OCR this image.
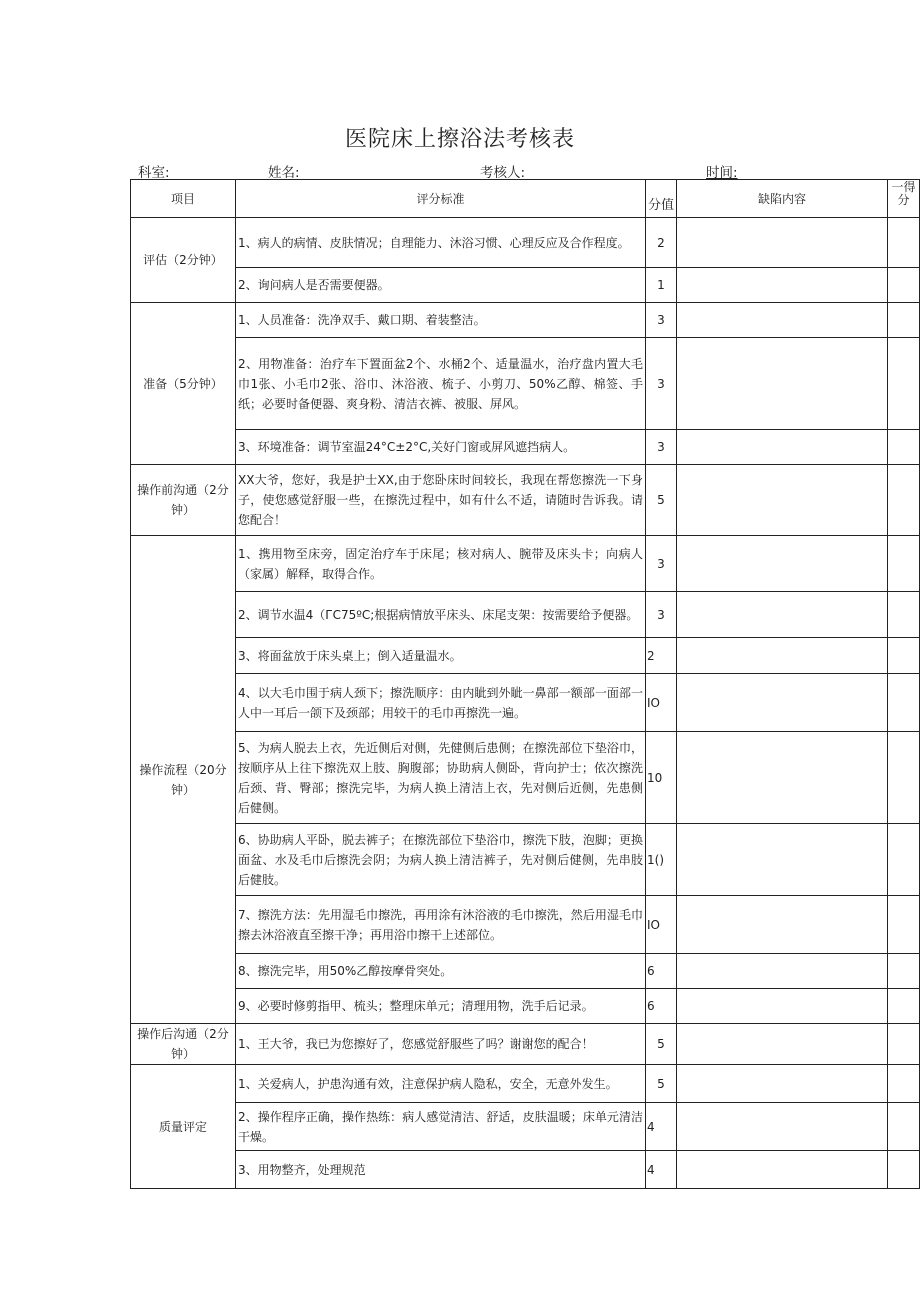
医院床上擦浴法考核表
科室:	姓名:	考核人:	时间:
项目	评分标准	分值	缺陷内容	一得分
评估（2分钟）	1、病人的病情、皮肤情况；自理能力、沐浴习惯、心理反应及合作程度。	2		
	2、询问病人是否需要便器。	1		
准备（5分钟）	1、人员准备：洗净双手、戴口期、着装整洁。	3		
	2、用物准备：治疗车下置面盆2个、水桶2个、适量温水，治疗盘内置大毛巾1张、小毛巾2张、浴巾、沐浴液、梳子、小剪刀、50%乙醇、棉签、手纸；必要时备便器、爽身粉、清洁衣裤、被服、屏风。	3		
	3、环境准备：调节室温24°C±2°C,关好门窗或屏风遮挡病人。	3		
操作前沟通（2分钟）	XX大爷，您好，我是护士XX,由于您卧床时间较长，我现在帮您擦洗一下身子，使您感觉舒服一些，在擦洗过程中，如有什么不适，请随时告诉我。请您配合！	5		
操作流程（20分钟）	1、携用物至床旁，固定治疗车于床尾；核对病人、腕带及床头卡；向病人（家属）解释，取得合作。	3		
	2、调节水温4（ГC75ºC;根据病情放平床头、床尾支架：按需要给予便器。	3		
	3、将面盆放于床头桌上；倒入适量温水。	2		
	4、以大毛巾围于病人颈下；擦洗顺序：由内眦到外眦一鼻部一额部一面部一人中一耳后一颌下及颈部；用较干的毛巾再擦洗一遍。	IO		
	5、为病人脱去上衣，先近侧后对侧，先健侧后患侧；在擦洗部位下垫浴巾，按顺序从上往下擦洗双上肢、胸腹部；协助病人侧卧，背向护士；依次擦洗后颈、背、臀部；擦洗完毕，为病人换上清洁上衣，先对侧后近侧，先患侧后健侧。	10		
	6、协助病人平卧，脱去裤子；在擦洗部位下垫浴巾，擦洗下肢，泡脚；更换面盆、水及毛巾后擦洗会阴；为病人换上清洁裤子，先对侧后健侧，先串肢后健肢。	1()		
	7、擦洗方法：先用湿毛巾擦洗，再用涂有沐浴液的毛巾擦洗，然后用湿毛巾擦去沐浴液直至擦干净；再用浴巾擦干上述部位。	IO		
	8、擦洗完毕，用50%乙醇按摩骨突处。	6		
	9、必要时修剪指甲、梳头；整理床单元；清理用物，洗手后记录。	6		
操作后沟通（2分钟）	1、王大爷，我已为您擦好了，您感觉舒服些了吗？谢谢您的配合！	5		
质量评定	1、关爱病人，护患沟通有效，注意保护病人隐私，安全，无意外发生。	5		
	2、操作程序正确，操作热练：病人感觉清洁、舒适，皮肤温暖；床单元清洁干燥。	4		
	3、用物整齐，处理规范	4		
